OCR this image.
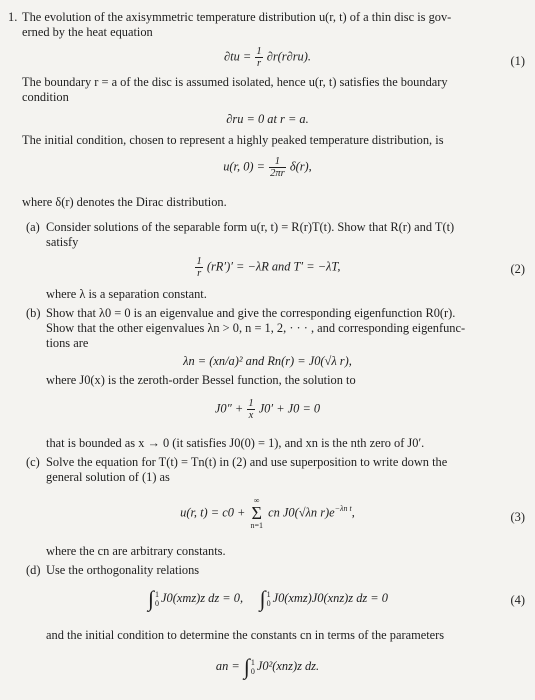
1. The evolution of the axisymmetric temperature distribution u(r, t) of a thin disc is gov-
erned by the heat equation
$\partial tu = \frac{1}{r} \partial r(r\partial ru)$.	(1)
The boundary r = a of the disc is assumed isolated, hence u(r, t) satisfies the boundary
condition
∂ru = 0 at r = a.
The initial condition, chosen to represent a highly peaked temperature distribution, is
u(r, $0) = \frac{1}{2\pi r} \delta(r)$,
where δ(r) denotes the Dirac distribution.
(a) Consider solutions of the separable form u(r, t) = R(r)T(t). Show that R(r) and T(t)
satisfy
$\frac{1}{r} (rR')' = -\lambda R$ and T′ = −λT,	(2)
where λ is a separation constant.
(b) Show that λ0 = 0 is an eigenvalue and give the corresponding eigenfunction R0(r).
Show that the other eigenvalues λn > 0, n = 1, 2, · · · , and corresponding eigenfunc-
tions are
λn = (xn/a)² and Rn(r) = J0(√λ r),
where J0(x) is the zeroth-order Bessel function, the solution to
$J0'' + \frac{1}{x} J0' + J0 = 0$
that is bounded as x → 0 (it satisfies J0(0) = 1), and xn is the nth zero of J0′.
(c) Solve the equation for T(t) = Tn(t) in (2) and use superposition to write down the
general solution of (1) as
u(r, t) = c0 + ∞
Σ
n=1 cn J0(√λn $r)e^{-\lambda n t}$,	(3)
where the cn are arbitrary constants.
(d) Use the orthogonality relations
∫ 1
0 J0(xmz)z dz = 0, ∫ 1
0 J0(xmz)J0(xnz)z dz = 0	(4)
and the initial condition to determine the constants cn in terms of the parameters
an = ∫ 1
0 J0²(xnz)z dz.
